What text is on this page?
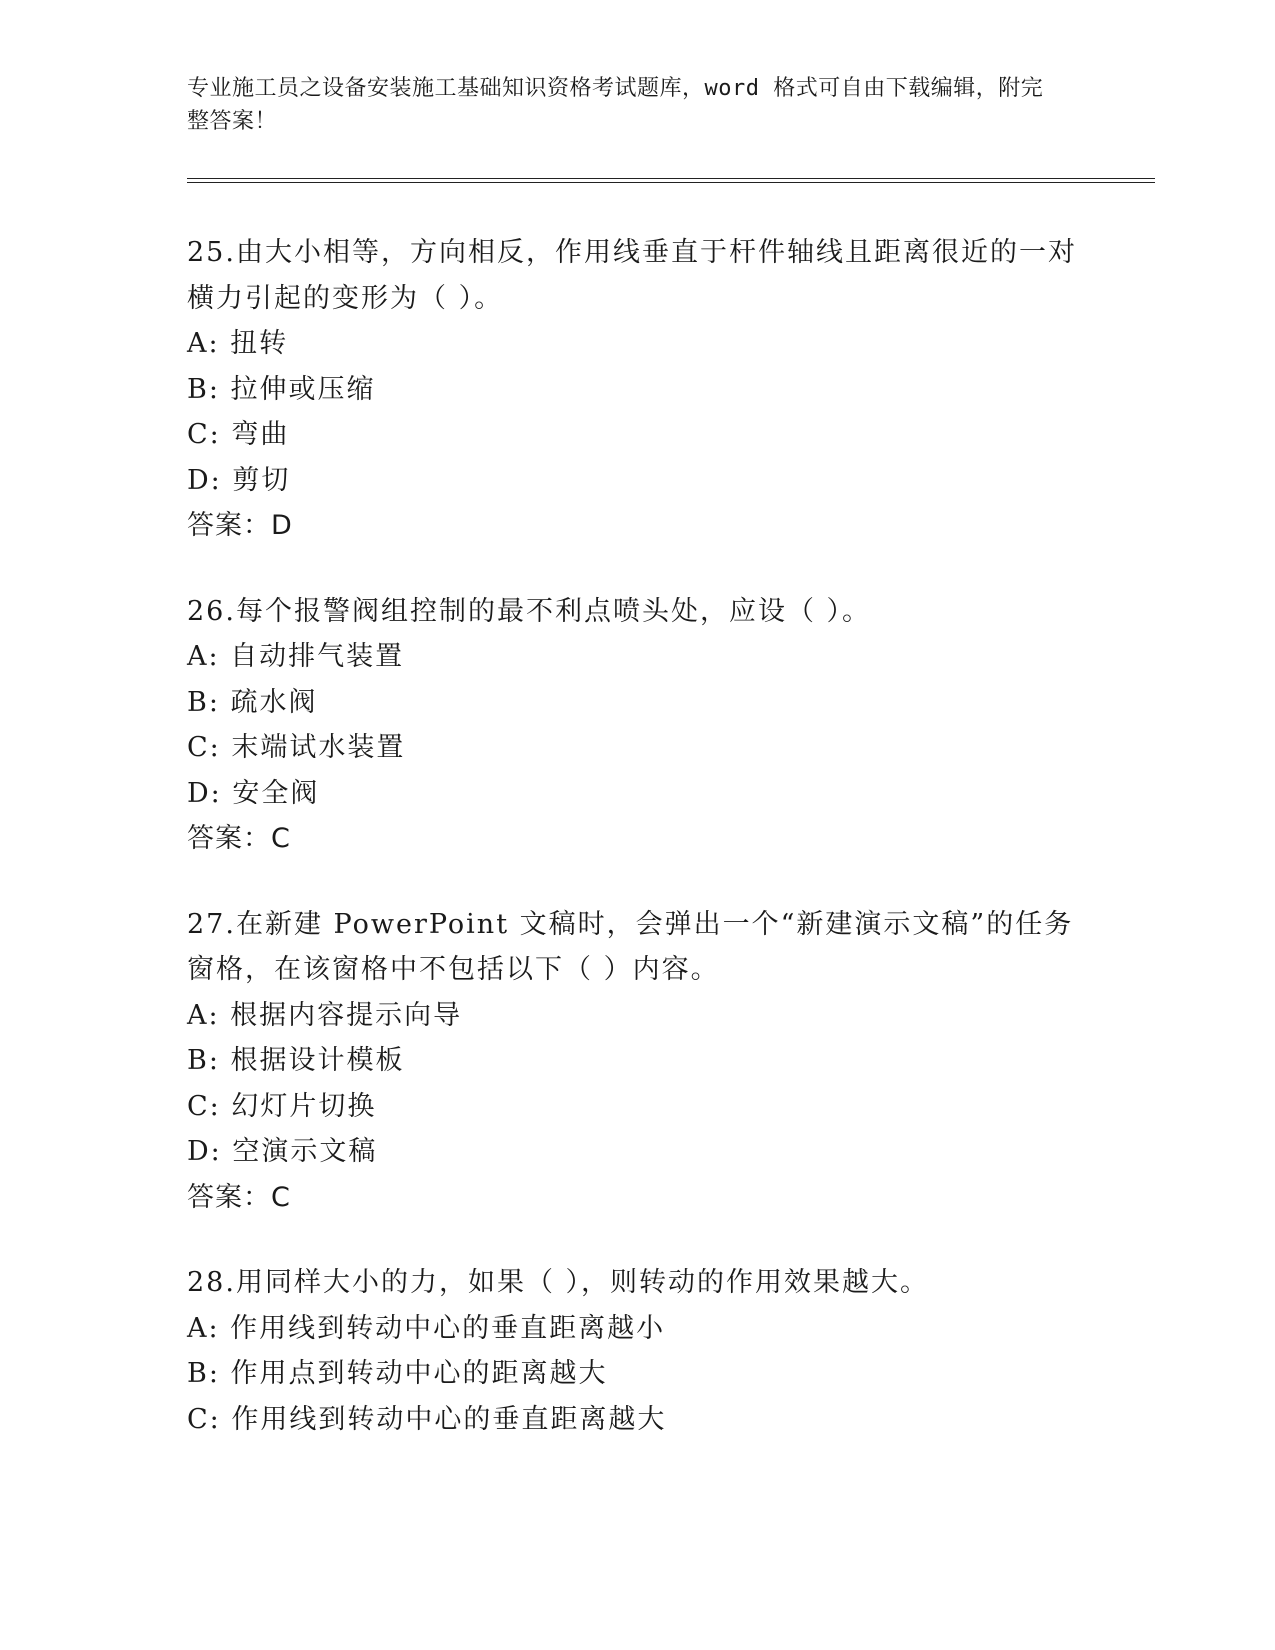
专业施工员之设备安装施工基础知识资格考试题库，word 格式可自由下载编辑，附完整答案！
25.由大小相等，方向相反，作用线垂直于杆件轴线且距离很近的一对横力引起的变形为（ ）。
A: 扭转
B: 拉伸或压缩
C: 弯曲
D: 剪切
答案：D
26.每个报警阀组控制的最不利点喷头处，应设（ ）。
A: 自动排气装置
B: 疏水阀
C: 末端试水装置
D: 安全阀
答案：C
27.在新建 PowerPoint 文稿时，会弹出一个“新建演示文稿”的任务窗格，在该窗格中不包括以下（ ）内容。
A: 根据内容提示向导
B: 根据设计模板
C: 幻灯片切换
D: 空演示文稿
答案：C
28.用同样大小的力，如果（ ），则转动的作用效果越大。
A: 作用线到转动中心的垂直距离越小
B: 作用点到转动中心的距离越大
C: 作用线到转动中心的垂直距离越大
